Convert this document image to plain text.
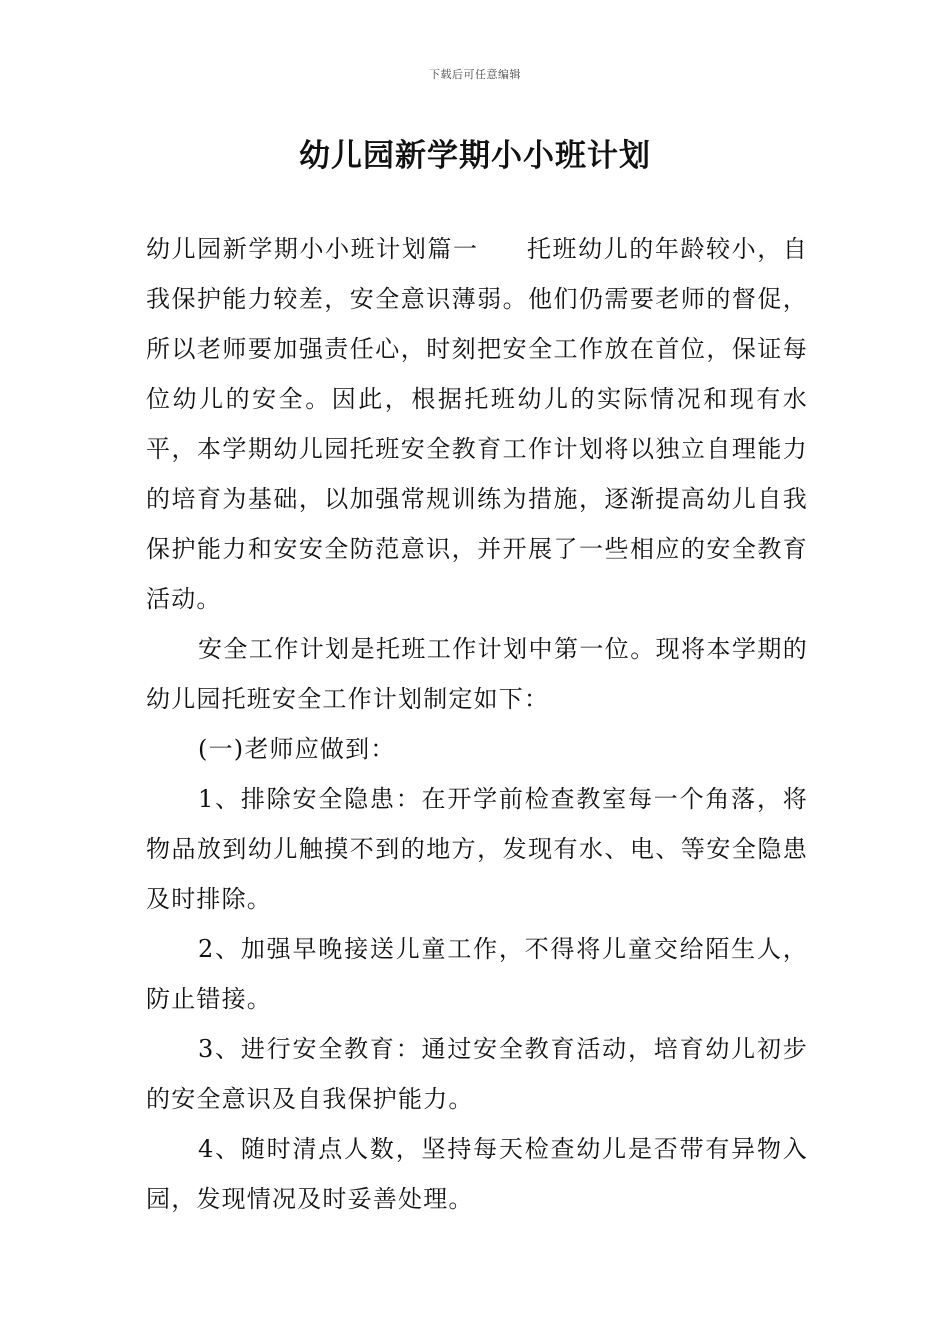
下载后可任意编辑
幼儿园新学期小小班计划

幼儿园新学期小小班计划篇一 托班幼儿的年龄较小，自我保护能力较差，安全意识薄弱。他们仍需要老师的督促，所以老师要加强责任心，时刻把安全工作放在首位，保证每位幼儿的安全。因此，根据托班幼儿的实际情况和现有水平，本学期幼儿园托班安全教育工作计划将以独立自理能力的培育为基础，以加强常规训练为措施，逐渐提高幼儿自我保护能力和安安全防范意识，并开展了一些相应的安全教育活动。

安全工作计划是托班工作计划中第一位。现将本学期的幼儿园托班安全工作计划制定如下：

(一)老师应做到：

1、排除安全隐患：在开学前检查教室每一个角落，将物品放到幼儿触摸不到的地方，发现有水、电、等安全隐患及时排除。

2、加强早晚接送儿童工作，不得将儿童交给陌生人，防止错接。

3、进行安全教育：通过安全教育活动，培育幼儿初步的安全意识及自我保护能力。

4、随时清点人数，坚持每天检查幼儿是否带有异物入园，发现情况及时妥善处理。
